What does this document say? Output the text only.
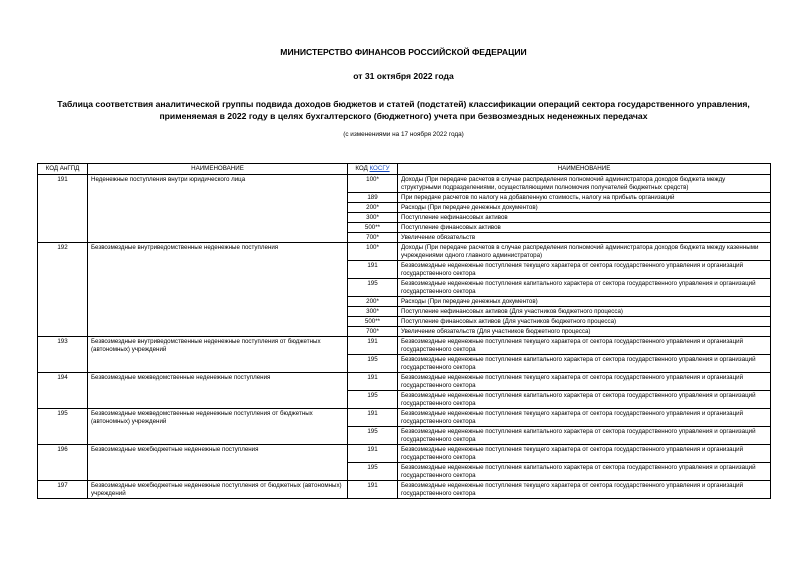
МИНИСТЕРСТВО ФИНАНСОВ РОССИЙСКОЙ ФЕДЕРАЦИИ
от 31 октября 2022 года
Таблица соответствия аналитической группы подвида доходов бюджетов и статей (подстатей) классификации операций сектора государственного управления,
применяемая в 2022 году в целях бухгалтерского (бюджетного) учета при безвозмездных неденежных передачах
(с изменениями на 17 ноября 2022 года)
КОД АнГПД	НАИМЕНОВАНИЕ	КОД КОСГУ	НАИМЕНОВАНИЕ
191	Неденежные поступления внутри юридического лица	100*	Доходы (При передаче расчетов в случае распределения полномочий администратора доходов бюджета между структурными подразделениями, осуществляющими полномочия получателей бюджетных средств)
		189	При передаче расчетов по налогу на добавленную стоимость, налогу на прибыль организаций
		200*	Расходы (При передаче денежных документов)
		300*	Поступление нефинансовых активов
		500**	Поступление финансовых активов
		700*	Увеличение обязательств
192	Безвозмездные внутриведомственные неденежные поступления	100*	Доходы (При передаче расчетов в случае распределения полномочий администратора доходов бюджета между казенными учреждениями одного главного администратора)
		191	Безвозмездные неденежные поступления текущего характера от сектора государственного управления и организаций государственного сектора
		195	Безвозмездные неденежные поступления капитального характера от сектора государственного управления и организаций государственного сектора
		200*	Расходы (При передаче денежных документов)
		300*	Поступление нефинансовых активов (Для участников бюджетного процесса)
		500**	Поступление финансовых активов (Для участников бюджетного процесса)
		700*	Увеличение обязательств (Для участников бюджетного процесса)
193	Безвозмездные внутриведомственные неденежные поступления от бюджетных (автономных) учреждений	191	Безвозмездные неденежные поступления текущего характера от сектора государственного управления и организаций государственного сектора
		195	Безвозмездные неденежные поступления капитального характера от сектора государственного управления и организаций государственного сектора
194	Безвозмездные межведомственные неденежные поступления	191	Безвозмездные неденежные поступления текущего характера от сектора государственного управления и организаций государственного сектора
		195	Безвозмездные неденежные поступления капитального характера от сектора государственного управления и организаций государственного сектора
195	Безвозмездные межведомственные неденежные поступления от бюджетных (автономных) учреждений	191	Безвозмездные неденежные поступления текущего характера от сектора государственного управления и организаций государственного сектора
		195	Безвозмездные неденежные поступления капитального характера от сектора государственного управления и организаций государственного сектора
196	Безвозмездные межбюджетные неденежные поступления	191	Безвозмездные неденежные поступления текущего характера от сектора государственного управления и организаций государственного сектора
		195	Безвозмездные неденежные поступления капитального характера от сектора государственного управления и организаций государственного сектора
197	Безвозмездные межбюджетные неденежные поступления от бюджетных (автономных) учреждений	191	Безвозмездные неденежные поступления текущего характера от сектора государственного управления и организаций государственного сектора
